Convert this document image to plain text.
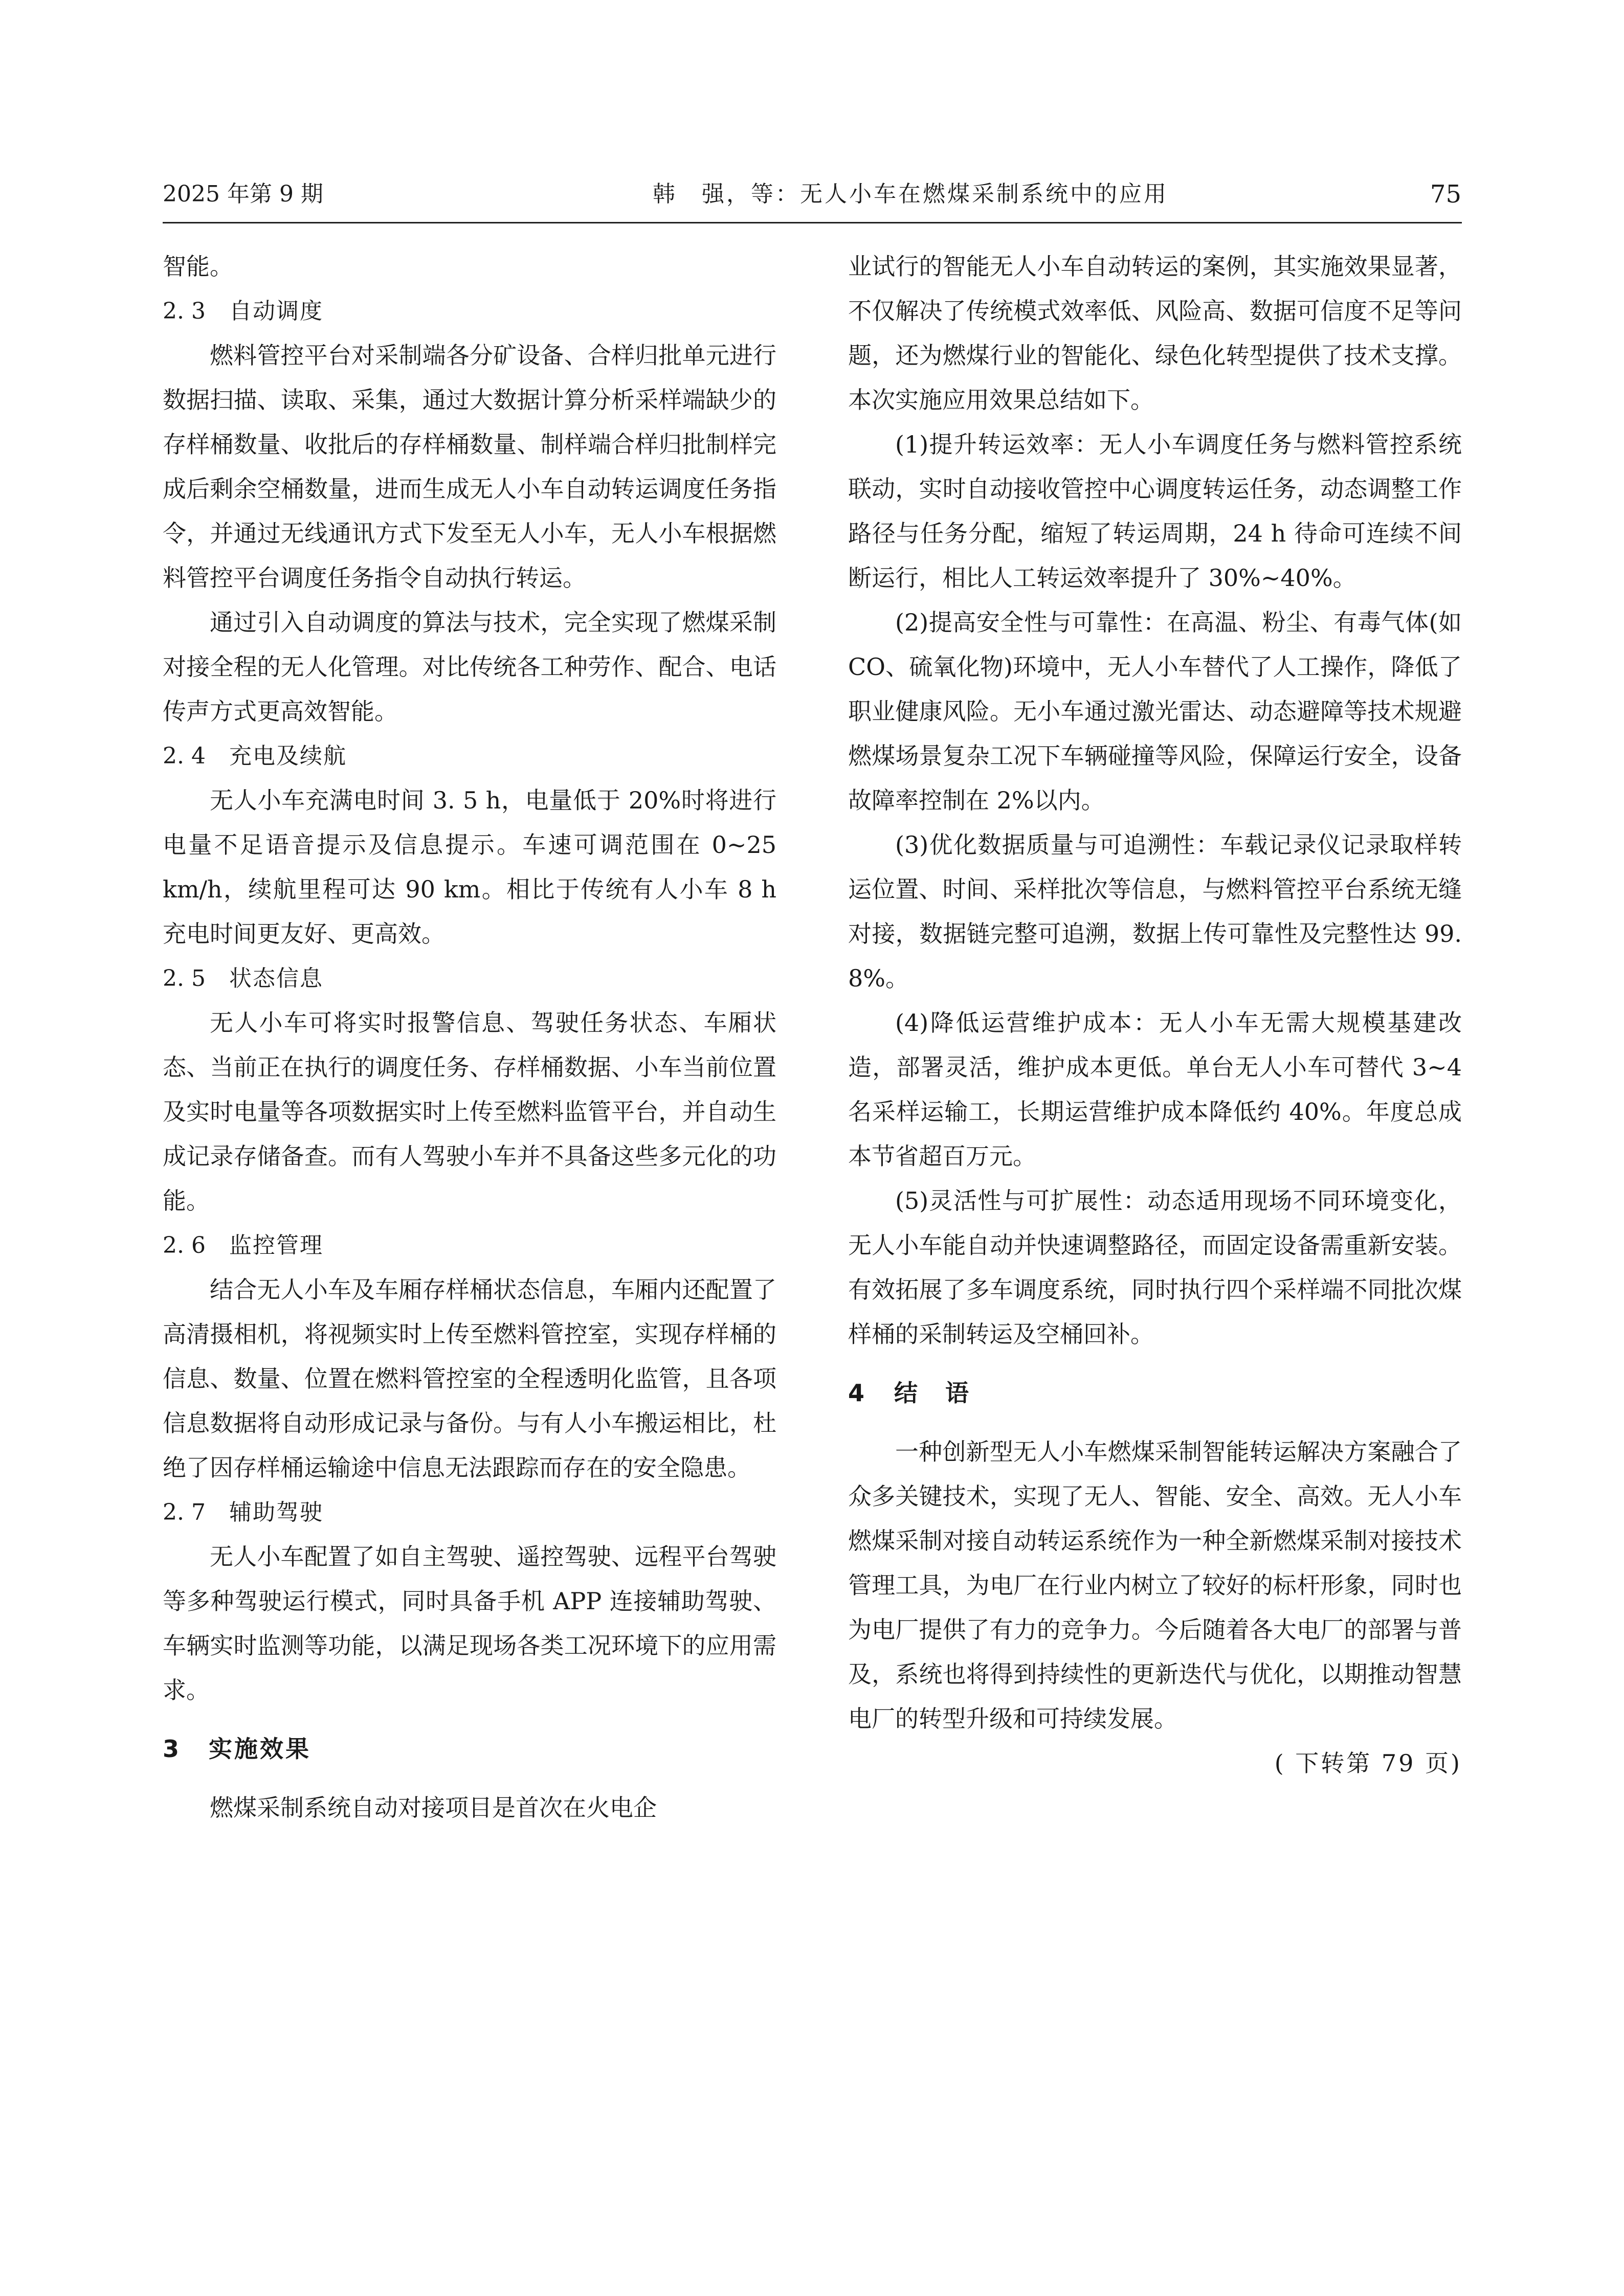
2025 年第 9 期	韩　强，等：无人小车在燃煤采制系统中的应用	75

智能。

2. 3 自动调度

燃料管控平台对采制端各分矿设备、合样归批单元进行数据扫描、读取、采集，通过大数据计算分析采样端缺少的存样桶数量、收批后的存样桶数量、制样端合样归批制样完成后剩余空桶数量，进而生成无人小车自动转运调度任务指令，并通过无线通讯方式下发至无人小车，无人小车根据燃料管控平台调度任务指令自动执行转运。

通过引入自动调度的算法与技术，完全实现了燃煤采制对接全程的无人化管理。对比传统各工种劳作、配合、电话传声方式更高效智能。

2. 4 充电及续航

无人小车充满电时间 3. 5 h，电量低于 20%时将进行电量不足语音提示及信息提示。车速可调范围在 0~25 km/h，续航里程可达 90 km。相比于传统有人小车 8 h 充电时间更友好、更高效。

2. 5 状态信息

无人小车可将实时报警信息、驾驶任务状态、车厢状态、当前正在执行的调度任务、存样桶数据、小车当前位置及实时电量等各项数据实时上传至燃料监管平台，并自动生成记录存储备查。而有人驾驶小车并不具备这些多元化的功能。

2. 6 监控管理

结合无人小车及车厢存样桶状态信息，车厢内还配置了高清摄相机，将视频实时上传至燃料管控室，实现存样桶的信息、数量、位置在燃料管控室的全程透明化监管，且各项信息数据将自动形成记录与备份。与有人小车搬运相比，杜绝了因存样桶运输途中信息无法跟踪而存在的安全隐患。

2. 7 辅助驾驶

无人小车配置了如自主驾驶、遥控驾驶、远程平台驾驶等多种驾驶运行模式，同时具备手机 APP 连接辅助驾驶、车辆实时监测等功能，以满足现场各类工况环境下的应用需求。

3 实施效果

燃煤采制系统自动对接项目是首次在火电企

业试行的智能无人小车自动转运的案例，其实施效果显著，不仅解决了传统模式效率低、风险高、数据可信度不足等问题，还为燃煤行业的智能化、绿色化转型提供了技术支撑。本次实施应用效果总结如下。

(1)提升转运效率：无人小车调度任务与燃料管控系统联动，实时自动接收管控中心调度转运任务，动态调整工作路径与任务分配，缩短了转运周期，24 h 待命可连续不间断运行，相比人工转运效率提升了 30%~40%。

(2)提高安全性与可靠性：在高温、粉尘、有毒气体(如 CO、硫氧化物)环境中，无人小车替代了人工操作，降低了职业健康风险。无小车通过激光雷达、动态避障等技术规避燃煤场景复杂工况下车辆碰撞等风险，保障运行安全，设备故障率控制在 2%以内。

(3)优化数据质量与可追溯性：车载记录仪记录取样转运位置、时间、采样批次等信息，与燃料管控平台系统无缝对接，数据链完整可追溯，数据上传可靠性及完整性达 99. 8%。

(4)降低运营维护成本：无人小车无需大规模基建改造，部署灵活，维护成本更低。单台无人小车可替代 3~4 名采样运输工，长期运营维护成本降低约 40%。年度总成本节省超百万元。

(5)灵活性与可扩展性：动态适用现场不同环境变化，无人小车能自动并快速调整路径，而固定设备需重新安装。有效拓展了多车调度系统，同时执行四个采样端不同批次煤样桶的采制转运及空桶回补。

4 结　语

一种创新型无人小车燃煤采制智能转运解决方案融合了众多关键技术，实现了无人、智能、安全、高效。无人小车燃煤采制对接自动转运系统作为一种全新燃煤采制对接技术管理工具，为电厂在行业内树立了较好的标杆形象，同时也为电厂提供了有力的竞争力。今后随着各大电厂的部署与普及，系统也将得到持续性的更新迭代与优化，以期推动智慧电厂的转型升级和可持续发展。

( 下转第 79 页)
